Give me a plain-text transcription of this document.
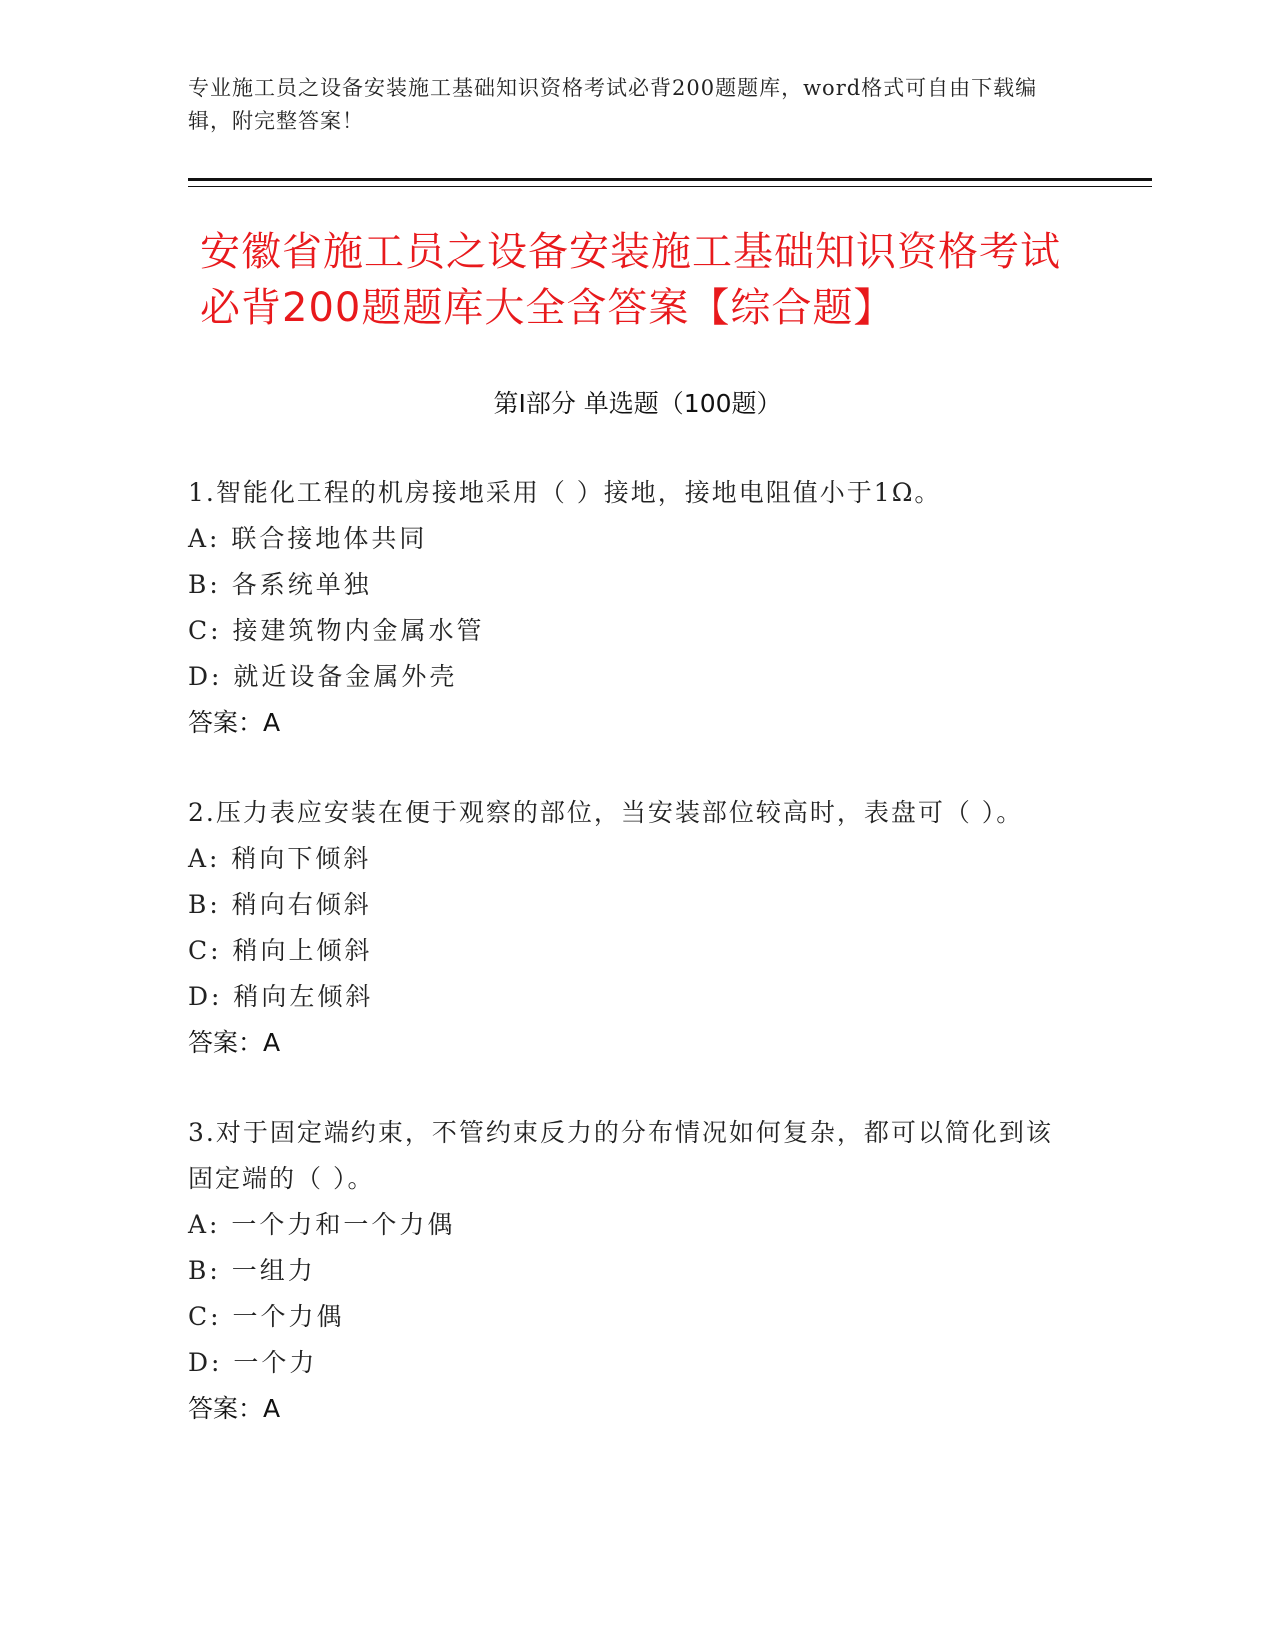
专业施工员之设备安装施工基础知识资格考试必背200题题库，word格式可自由下载编辑，附完整答案！
安徽省施工员之设备安装施工基础知识资格考试必背200题题库大全含答案【综合题】
第Ⅰ部分 单选题（100题）

1.智能化工程的机房接地采用（ ）接地，接地电阻值小于1Ω。

A: 联合接地体共同

B: 各系统单独

C: 接建筑物内金属水管

D: 就近设备金属外壳

答案：A

2.压力表应安装在便于观察的部位，当安装部位较高时，表盘可（ ）。

A: 稍向下倾斜

B: 稍向右倾斜

C: 稍向上倾斜

D: 稍向左倾斜

答案：A

3.对于固定端约束，不管约束反力的分布情况如何复杂，都可以简化到该固定端的（ ）。

A: 一个力和一个力偶

B: 一组力

C: 一个力偶

D: 一个力

答案：A
